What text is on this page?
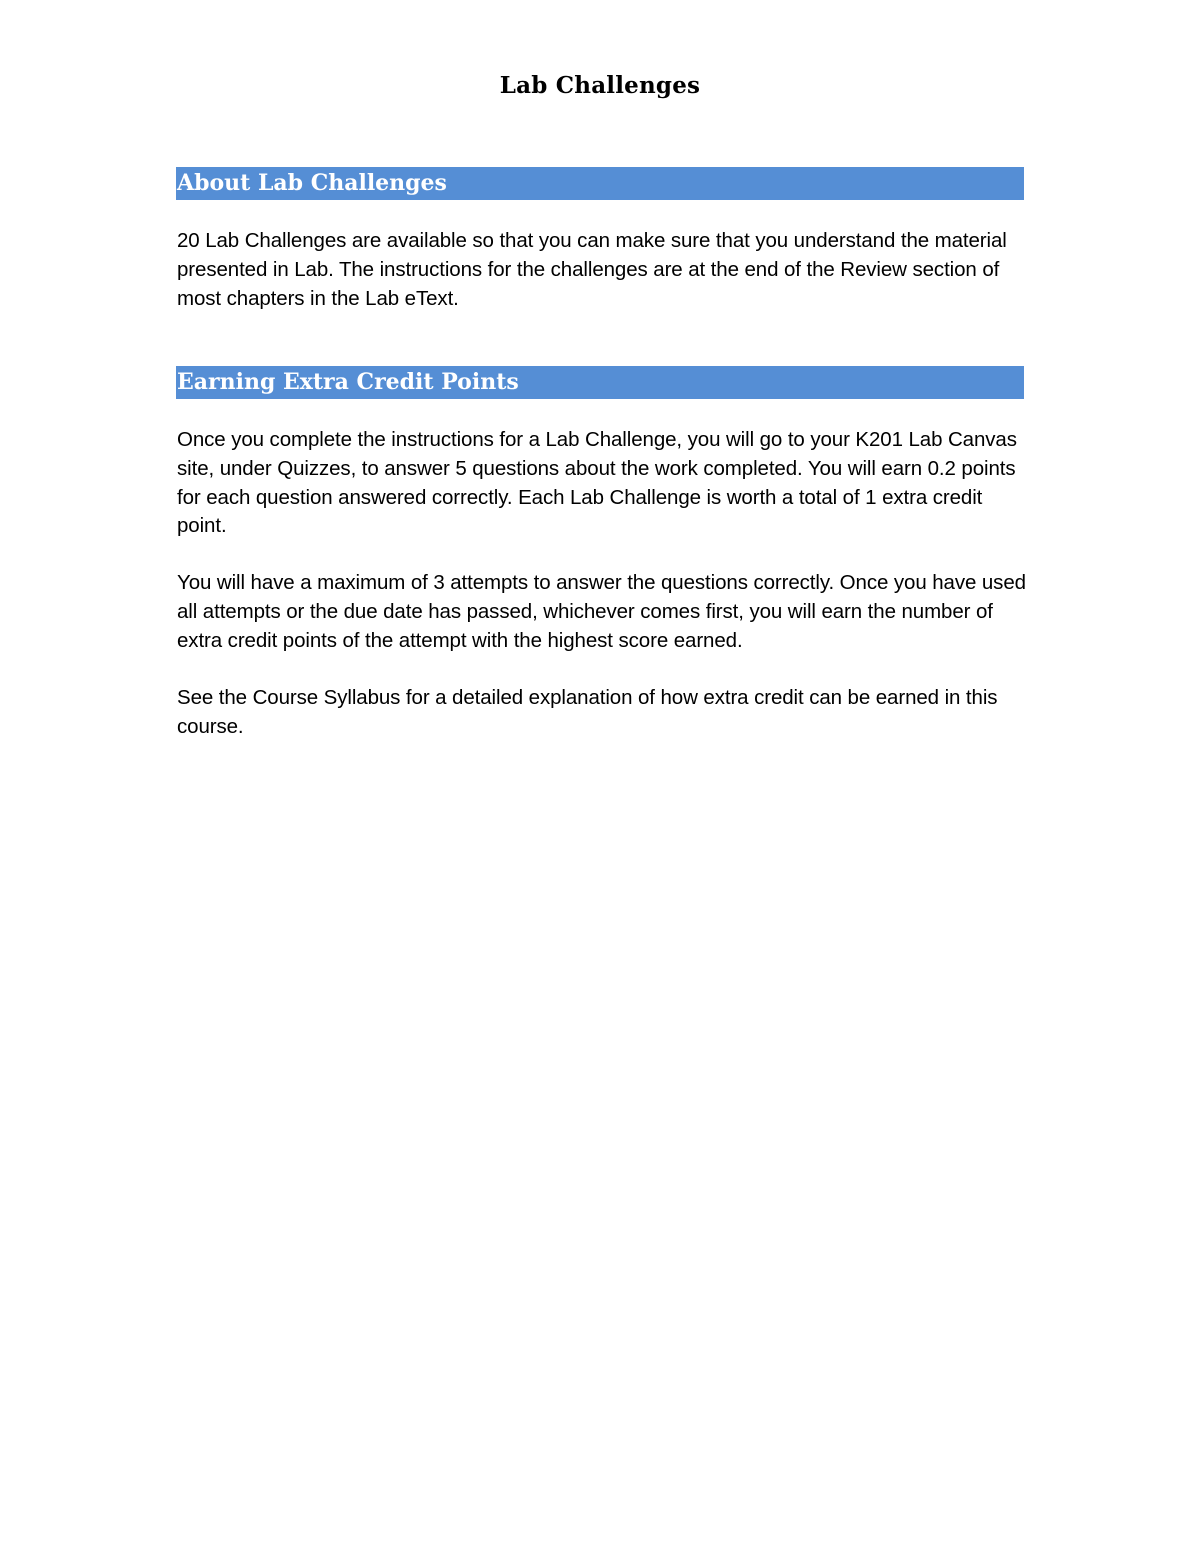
Lab Challenges
About Lab Challenges
20 Lab Challenges are available so that you can make sure that you understand the material presented in Lab. The instructions for the challenges are at the end of the Review section of most chapters in the Lab eText.
Earning Extra Credit Points
Once you complete the instructions for a Lab Challenge, you will go to your K201 Lab Canvas site, under Quizzes, to answer 5 questions about the work completed. You will earn 0.2 points for each question answered correctly. Each Lab Challenge is worth a total of 1 extra credit point.
You will have a maximum of 3 attempts to answer the questions correctly. Once you have used all attempts or the due date has passed, whichever comes first, you will earn the number of extra credit points of the attempt with the highest score earned.
See the Course Syllabus for a detailed explanation of how extra credit can be earned in this course.
